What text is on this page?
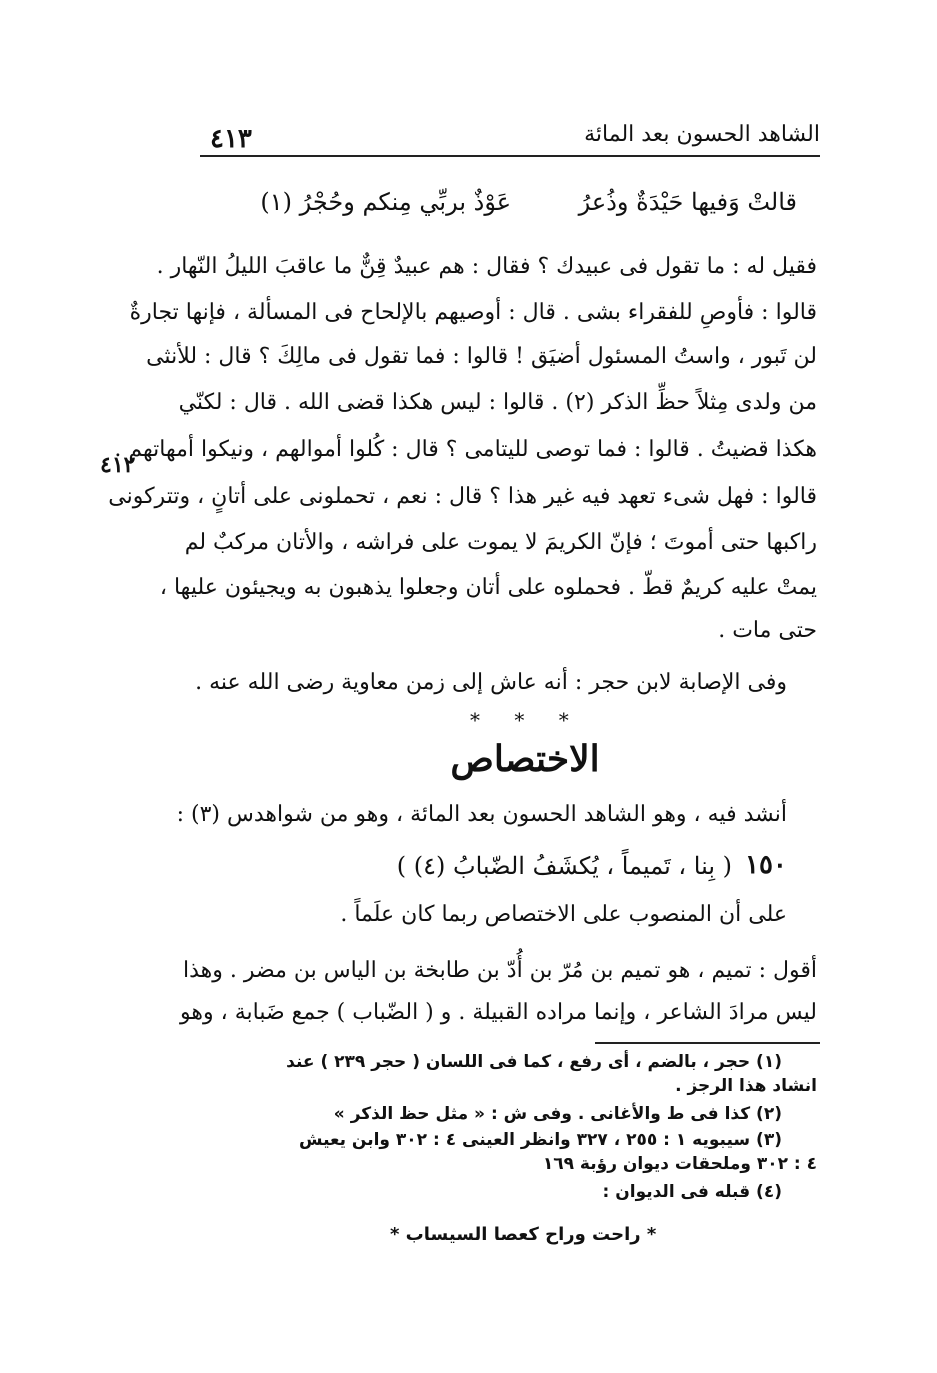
الشاهد الحسون بعد المائة
٤١٣
٤١٢
قالتْ وَفيها حَيْدَةٌ وذُعرُ عَوْذٌ بربِّي مِنكم وحُجْرُ (١)
فقيل له : ما تقول فى عبيدك ؟ فقال : هم عبيدٌ قِنٌّ ما عاقبَ الليلُ النّهار .
قالوا : فأوصِ للفقراء بشى . قال : أوصيهم بالإلحاح فى المسألة ، فإنها تجارةٌ
لن تَبور ، واستُ المسئول أضيَق ! قالوا : فما تقول فى مالِكَ ؟ قال : للأنثى
من ولدى مِثلاً حظِّ الذكر (٢) . قالوا : ليس هكذا قضى الله . قال : لكنّي
هكذا قضيتُ . قالوا : فما توصى لليتامى ؟ قال : كُلوا أموالهم ، ونيكوا أمهاتهم .
قالوا : فهل شىء تعهد فيه غير هذا ؟ قال : نعم ، تحملونى على أتانٍ ، وتتركونى
راكبها حتى أموتَ ؛ فإنّ الكريمَ لا يموت على فراشه ، والأتان مركبٌ لم
يمتْ عليه كريمٌ قطّ . فحملوه على أتان وجعلوا يذهبون به ويجيئون عليها ،
حتى مات .
وفى الإصابة لابن حجر : أنه عاش إلى زمن معاوية رضى الله عنه .
* * *
الاختصاص
أنشد فيه ، وهو الشاهد الحسون بعد المائة ، وهو من شواهدس (٣) :
١٥٠
( بِنا ، تَميماً ، يُكشَفُ الضّبابُ (٤) )
على أن المنصوب على الاختصاص ربما كان علَماً .
أقول : تميم ، هو تميم بن مُرّ بن أُدّ بن طابخة بن الياس بن مضر . وهذا
ليس مرادَ الشاعر ، وإنما مراده القبيلة . و ( الضّباب ) جمع ضَبابة ، وهو
(١) حجر ، بالضم ، أى رفع ، كما فى اللسان ( حجر ٢٣٩ ) عند
انشاد هذا الرجز .
(٢) كذا فى ط والأغانى . وفى ش : « مثل حظ الذكر »
(٣) سيبويه ١ : ٢٥٥ ، ٣٢٧ وانظر العينى ٤ : ٣٠٢ وابن يعيش
٤ : ٣٠٢ وملحقات ديوان رؤبة ١٦٩
(٤) قبله فى الديوان :
* راحت وراح كعصا السيساب *
